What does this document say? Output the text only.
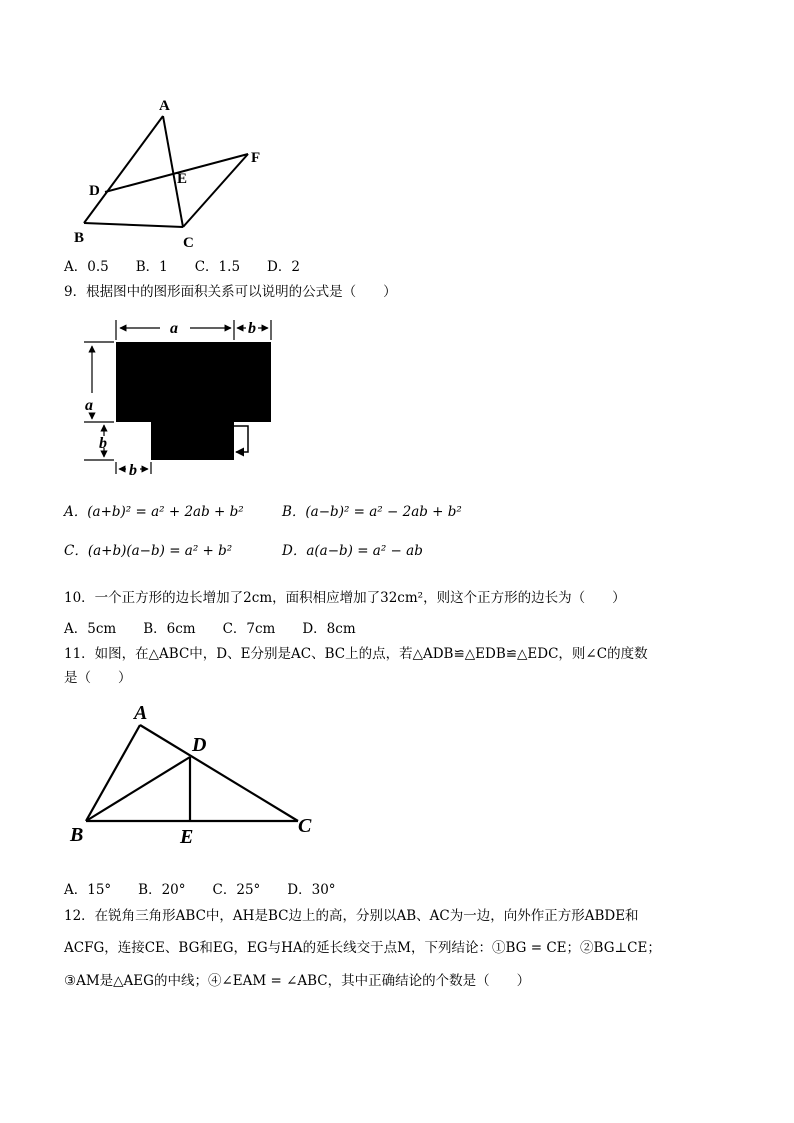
A
B	C
D
E
F
A．0.5　　B．1　　C．1.5　　D．2
9．根据图中的图形面积关系可以说明的公式是（　　）
a	b
a
b
b
A．(a+b)² = a² + 2ab + b²	B．(a−b)² = a² − 2ab + b²
C．(a+b)(a−b) = a² + b²	D．a(a−b) = a² − ab
10．一个正方形的边长增加了2cm，面积相应增加了32cm²，则这个正方形的边长为（　　）
A．5cm　　B．6cm　　C．7cm　　D．8cm
11．如图，在△ABC中，D、E分别是AC、BC上的点，若△ADB≌△EDB≌△EDC，则∠C的度数
是（　　）
A
B	C
D
E
A．15°　　B．20°　　C．25°　　D．30°
12．在锐角三角形ABC中，AH是BC边上的高，分别以AB、AC为一边，向外作正方形ABDE和
ACFG，连接CE、BG和EG，EG与HA的延长线交于点M，下列结论：①BG = CE；②BG⊥CE；
③AM是△AEG的中线；④∠EAM = ∠ABC，其中正确结论的个数是（　　）
